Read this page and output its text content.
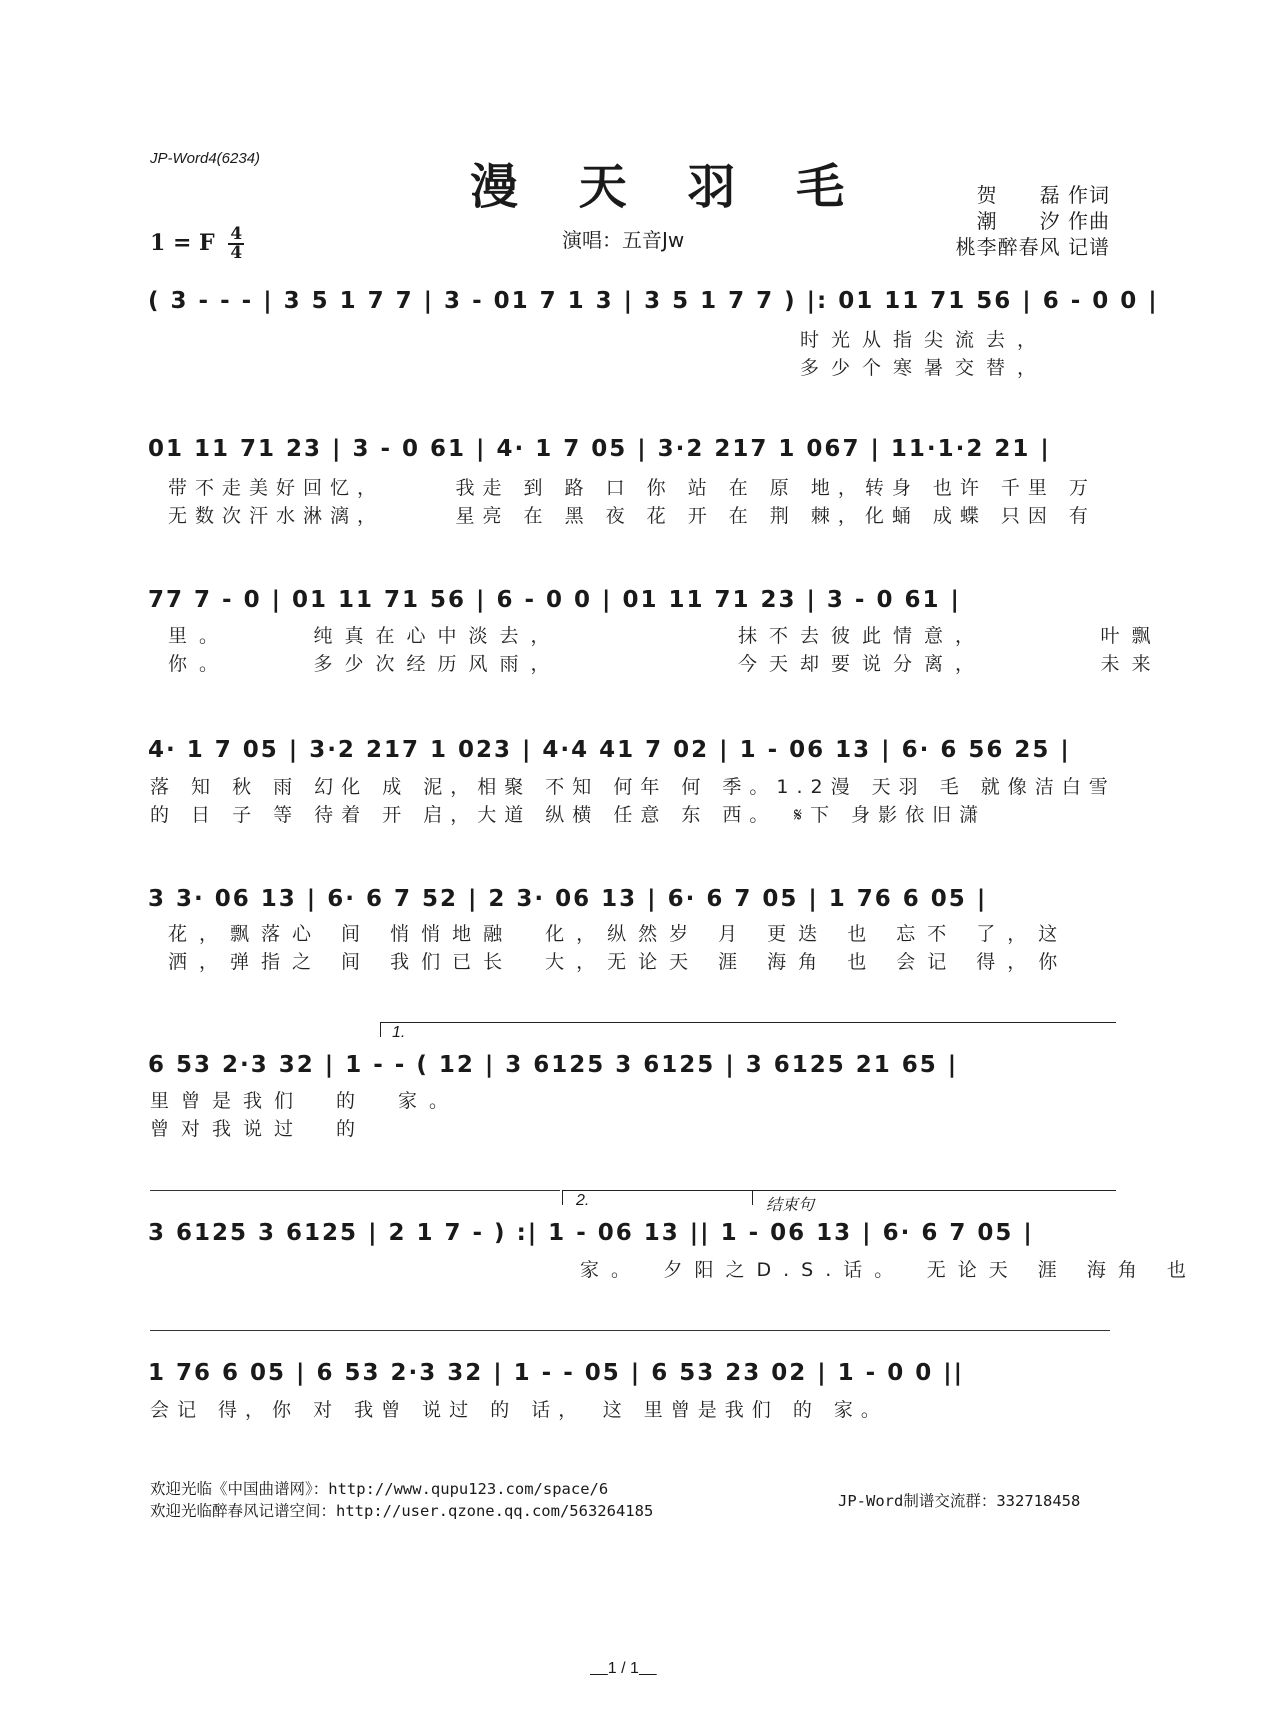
JP-Word4(6234)
漫 天 羽 毛
1 = F $\frac{4}{4}$	演唱：五音Jw
贺　　磊 作词
潮　　汐 作曲
桃李醉春风 记谱
( 3 - - - | 3 5 1 7 7 | 3 - 01 7 1 3 | 3 5 1 7 7 ) |: 01 11 71 56 | 6 - 0 0 |
时光从指尖流去，
多少个寒暑交替，
01 11 71 23 | 3 - 0 61 | 4· 1 7 05 | 3·2 217 1 067 | 11·1·2 21 |
带不走美好回忆，　　　我走 到 路 口 你 站 在 原 地，转身 也许 千里 万
无数次汗水淋漓，　　　星亮 在 黑 夜 花 开 在 荆 棘，化蛹 成蝶 只因 有
77 7 - 0 | 01 11 71 56 | 6 - 0 0 | 01 11 71 23 | 3 - 0 61 |
里。　　　纯真在心中淡去，　　　　　　抹不去彼此情意，　　　　叶飘
你。　　　多少次经历风雨，　　　　　　今天却要说分离，　　　　未来
4· 1 7 05 | 3·2 217 1 023 | 4·4 41 7 02 | 1 - 06 13 | 6· 6 56 25 |
落 知 秋 雨 幻化 成 泥，相聚 不知 何年 何 季。1.2漫 天羽 毛 就像洁白雪
的 日 子 等 待着 开 启，大道 纵横 任意 东 西。　𝄋下 身影依旧潇
3 3· 06 13 | 6· 6 7 52 | 2 3· 06 13 | 6· 6 7 05 | 1 76 6 05 |
花，飘落心 间 悄悄地融　化，纵然岁 月 更迭 也 忘不 了，这
洒，弹指之 间 我们已长　大，无论天 涯 海角 也 会记 得，你
1.
6 53 2·3 32 | 1 - - ( 12 | 3 6125 3 6125 | 3 6125 21 65 |
里曾是我们　的　家。
曾对我说过　的
2.	结束句
3 6125 3 6125 | 2 1 7 - ) :| 1 - 06 13 || 1 - 06 13 | 6· 6 7 05 |
家。　夕阳之D.S.话。　无论天 涯 海角 也
1 76 6 05 | 6 53 2·3 32 | 1 - - 05 | 6 53 23 02 | 1 - 0 0 ||
会记 得，你 对 我曾 说过 的 话，　这 里曾是我们 的 家。
欢迎光临《中国曲谱网》：http://www.qupu123.com/space/6
欢迎光临醉春风记谱空间：http://user.qzone.qq.com/563264185
JP-Word制谱交流群：332718458
1 / 1
